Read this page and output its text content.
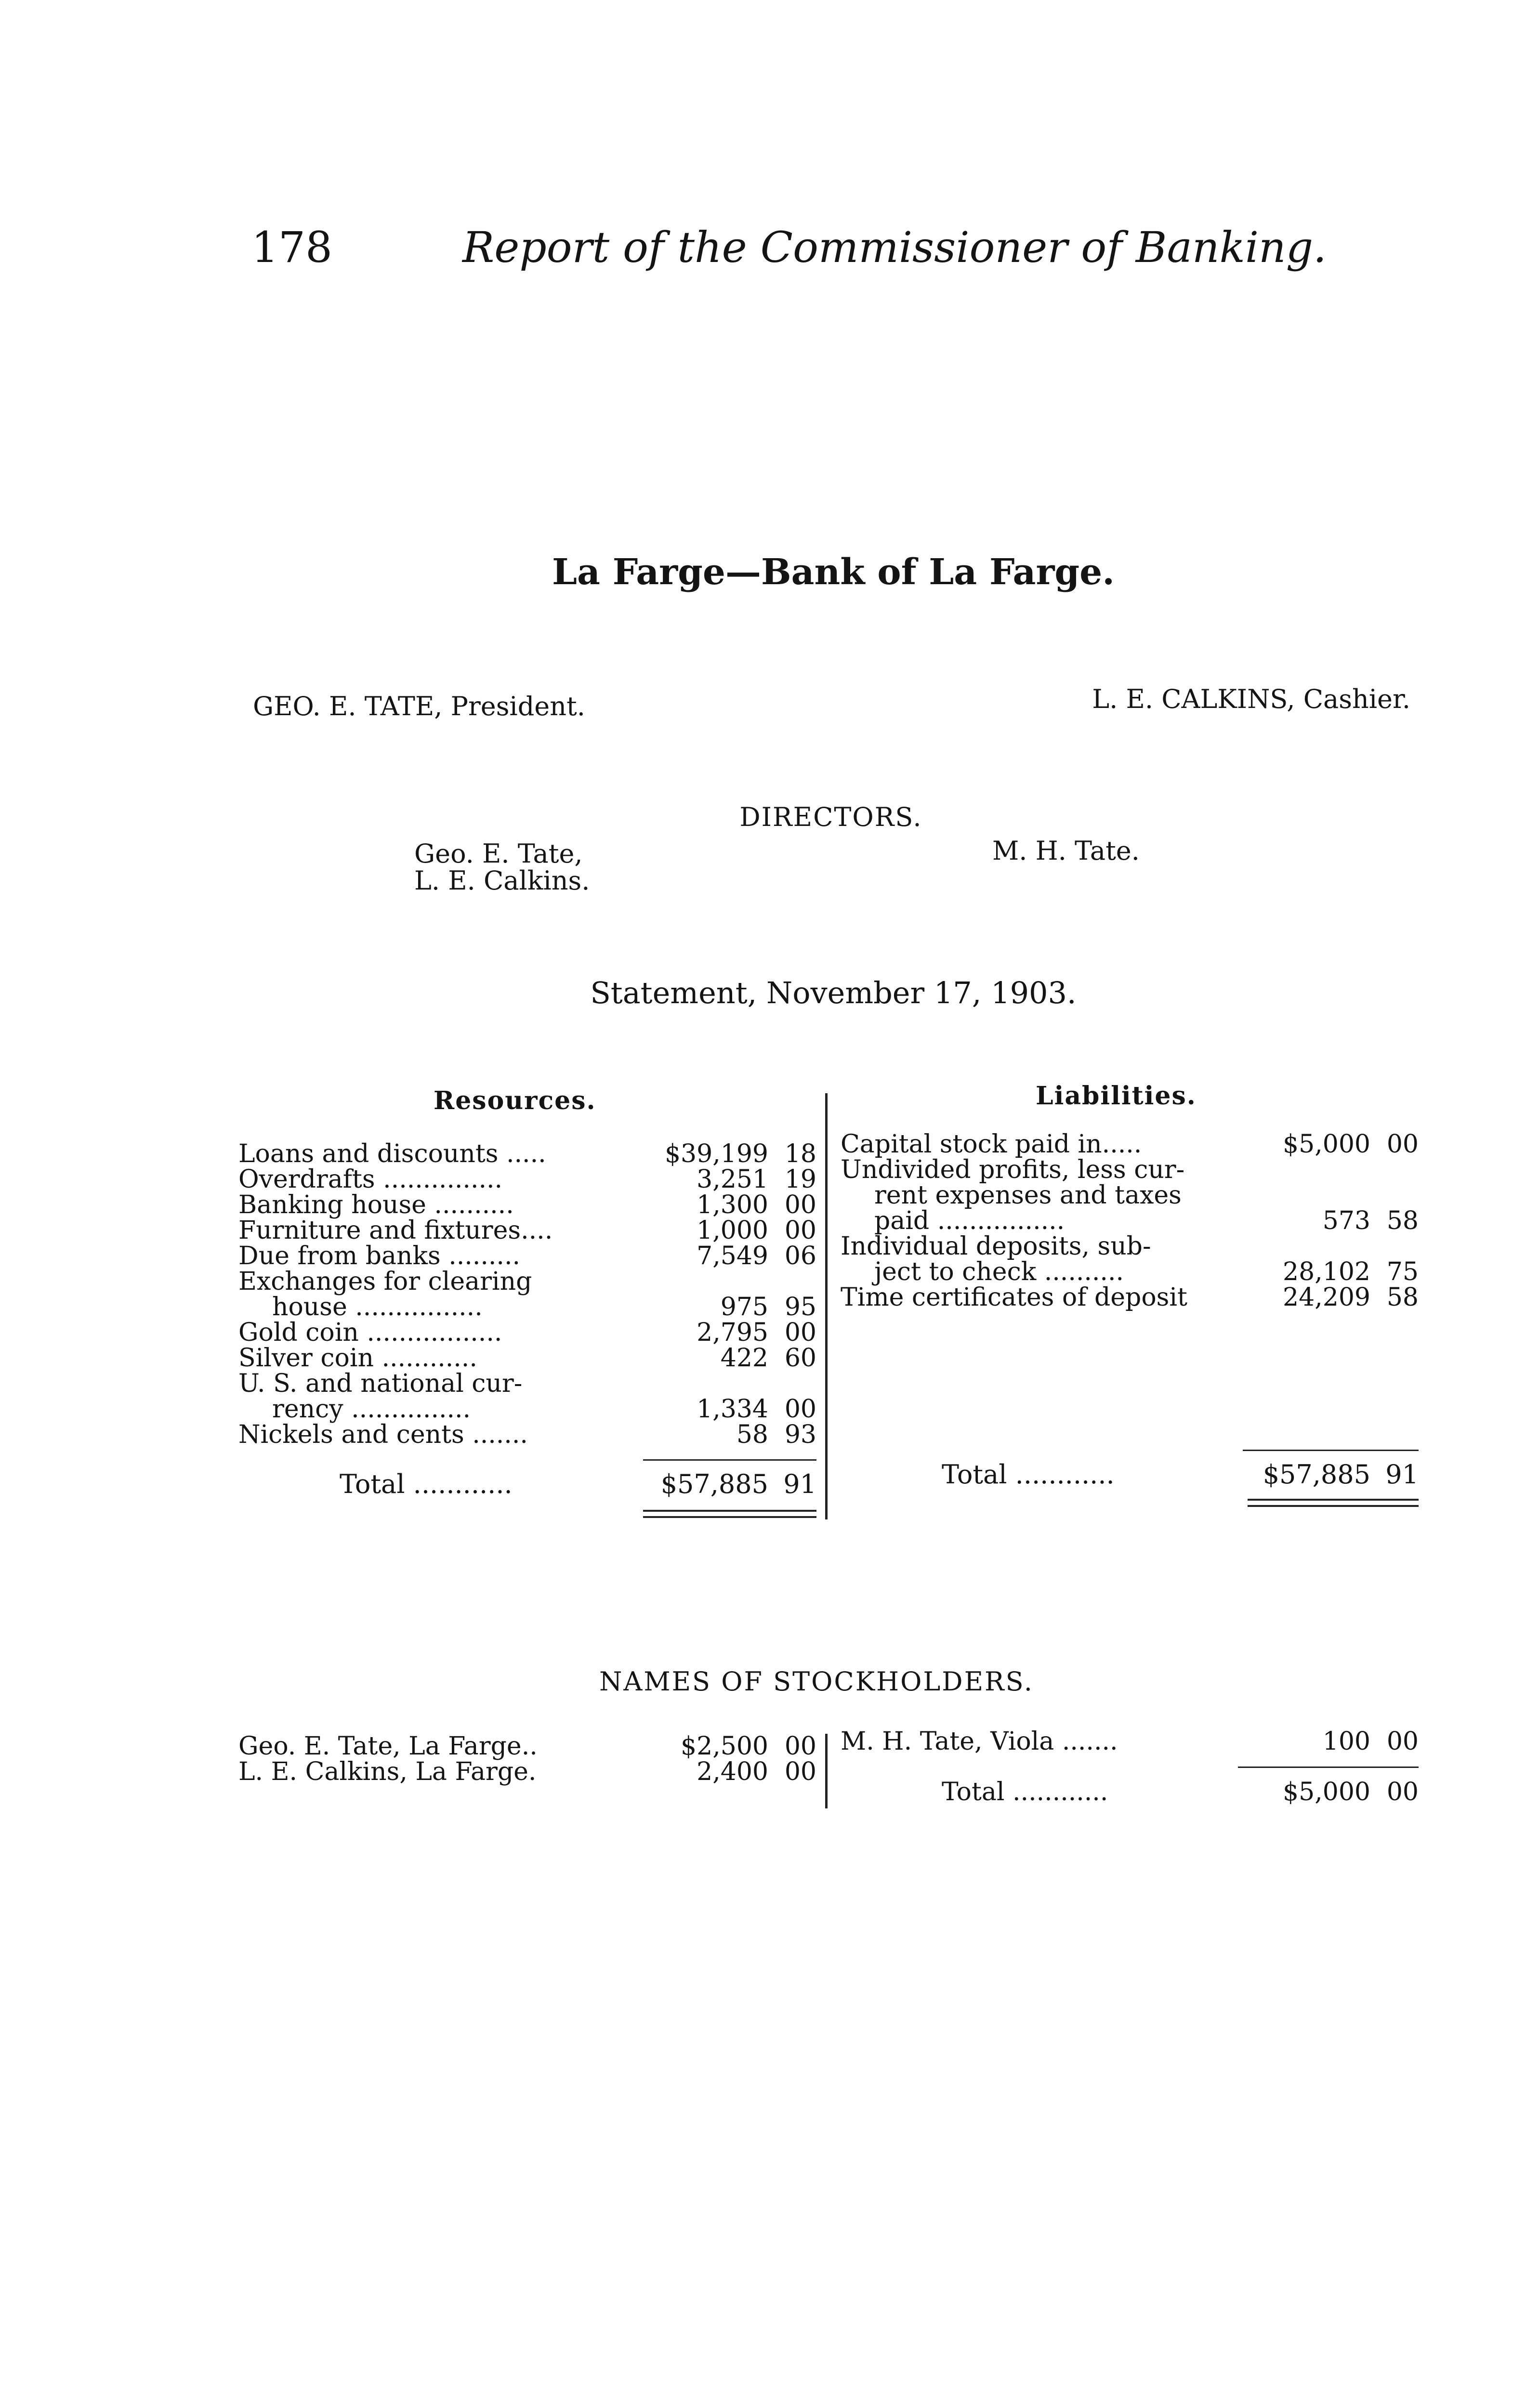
178	Report of the Commissioner of Banking.
La Farge—Bank of La Farge.
GEO. E. TATE, President.	L. E. CALKINS, Cashier.
DIRECTORS.
Geo. E. Tate,
L. E. Calkins.
M. H. Tate.
Statement, November 17, 1903.
Resources.	Liabilities.
Loans and discounts .....	$39,199 18
Overdrafts ...............	3,251 19
Banking house ..........	1,300 00
Furniture and fixtures....	1,000 00
Due from banks .........	7,549 06
Exchanges for clearing
house ................	975 95
Gold coin .................	2,795 00
Silver coin ............	422 60
U. S. and national cur-
rency ...............	1,334 00
Nickels and cents .......	58 93
Total ............	$57,885 91
Capital stock paid in.....	$5,000 00
Undivided profits, less cur-
rent expenses and taxes
paid ................	573 58
Individual deposits, sub-
ject to check ..........	28,102 75
Time certificates of deposit	24,209 58
Total ............	$57,885 91
NAMES OF STOCKHOLDERS.
Geo. E. Tate, La Farge..	$2,500 00
L. E. Calkins, La Farge.	2,400 00
M. H. Tate, Viola .......	100 00
Total ............	$5,000 00
